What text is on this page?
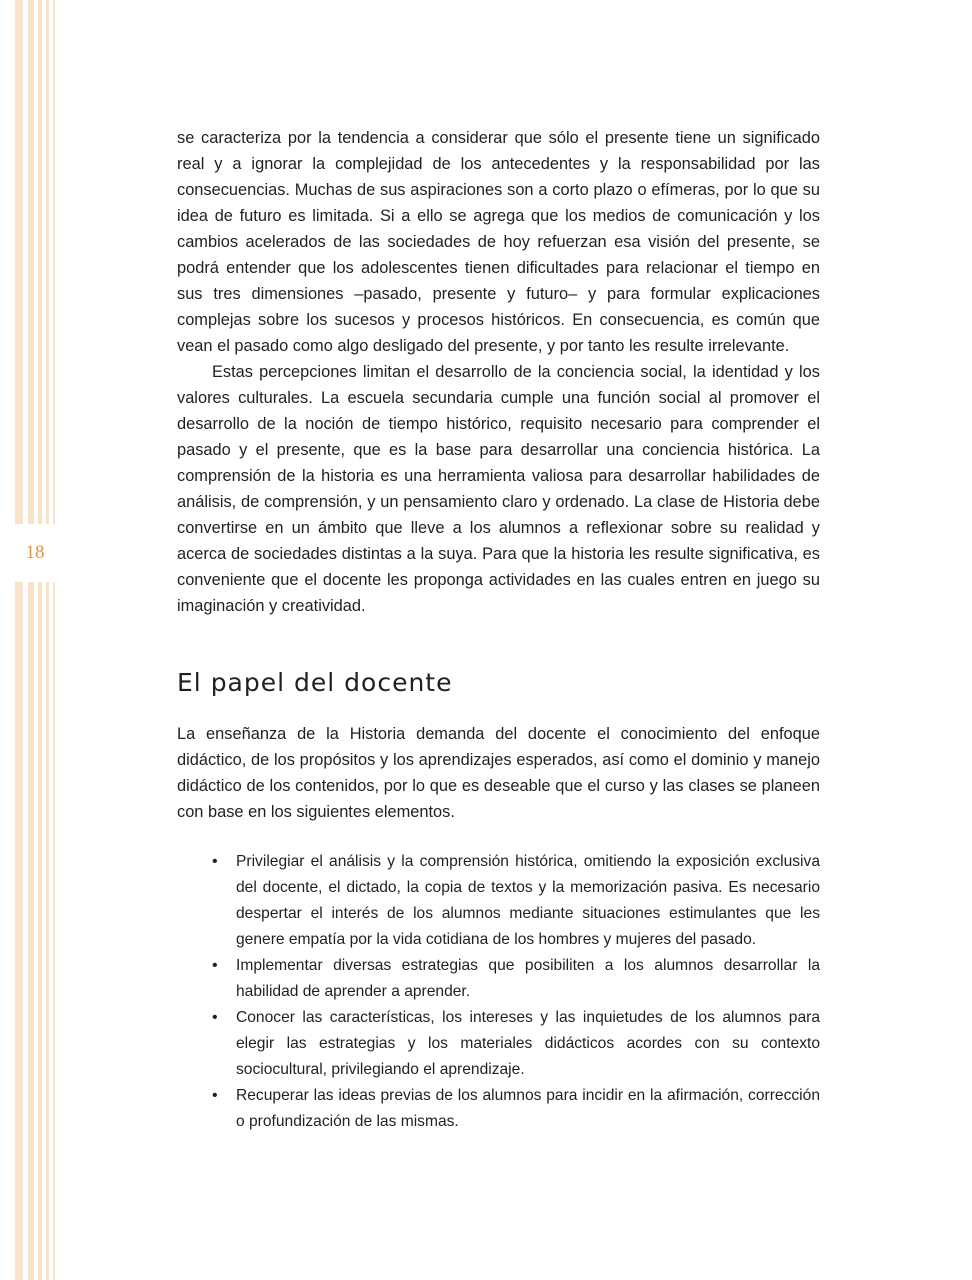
18

se caracteriza por la tendencia a considerar que sólo el presente tiene un significado real y a ignorar la complejidad de los antecedentes y la responsabilidad por las consecuencias. Muchas de sus aspiraciones son a corto plazo o efímeras, por lo que su idea de futuro es limitada. Si a ello se agrega que los medios de comunicación y los cambios acelerados de las sociedades de hoy refuerzan esa visión del presente, se podrá entender que los adolescentes tienen dificultades para relacionar el tiempo en sus tres dimensiones –pasado, presente y futuro– y para formular explicaciones complejas sobre los sucesos y procesos históricos. En consecuencia, es común que vean el pasado como algo desligado del presente, y por tanto les resulte irrelevante.

Estas percepciones limitan el desarrollo de la conciencia social, la identidad y los valores culturales. La escuela secundaria cumple una función social al promover el desarrollo de la noción de tiempo histórico, requisito necesario para comprender el pasado y el presente, que es la base para desarrollar una conciencia histórica. La comprensión de la historia es una herramienta valiosa para desarrollar habilidades de análisis, de comprensión, y un pensamiento claro y ordenado. La clase de Historia debe convertirse en un ámbito que lleve a los alumnos a reflexionar sobre su realidad y acerca de sociedades distintas a la suya. Para que la historia les resulte significativa, es conveniente que el docente les proponga actividades en las cuales entren en juego su imaginación y creatividad.

El papel del docente

La enseñanza de la Historia demanda del docente el conocimiento del enfoque didáctico, de los propósitos y los aprendizajes esperados, así como el dominio y manejo didáctico de los contenidos, por lo que es deseable que el curso y las clases se planeen con base en los siguientes elementos.

• Privilegiar el análisis y la comprensión histórica, omitiendo la exposición exclusiva del docente, el dictado, la copia de textos y la memorización pasiva. Es necesario despertar el interés de los alumnos mediante situaciones estimulantes que les genere empatía por la vida cotidiana de los hombres y mujeres del pasado.
• Implementar diversas estrategias que posibiliten a los alumnos desarrollar la habilidad de aprender a aprender.
• Conocer las características, los intereses y las inquietudes de los alumnos para elegir las estrategias y los materiales didácticos acordes con su contexto sociocultural, privilegiando el aprendizaje.
• Recuperar las ideas previas de los alumnos para incidir en la afirmación, corrección o profundización de las mismas.
